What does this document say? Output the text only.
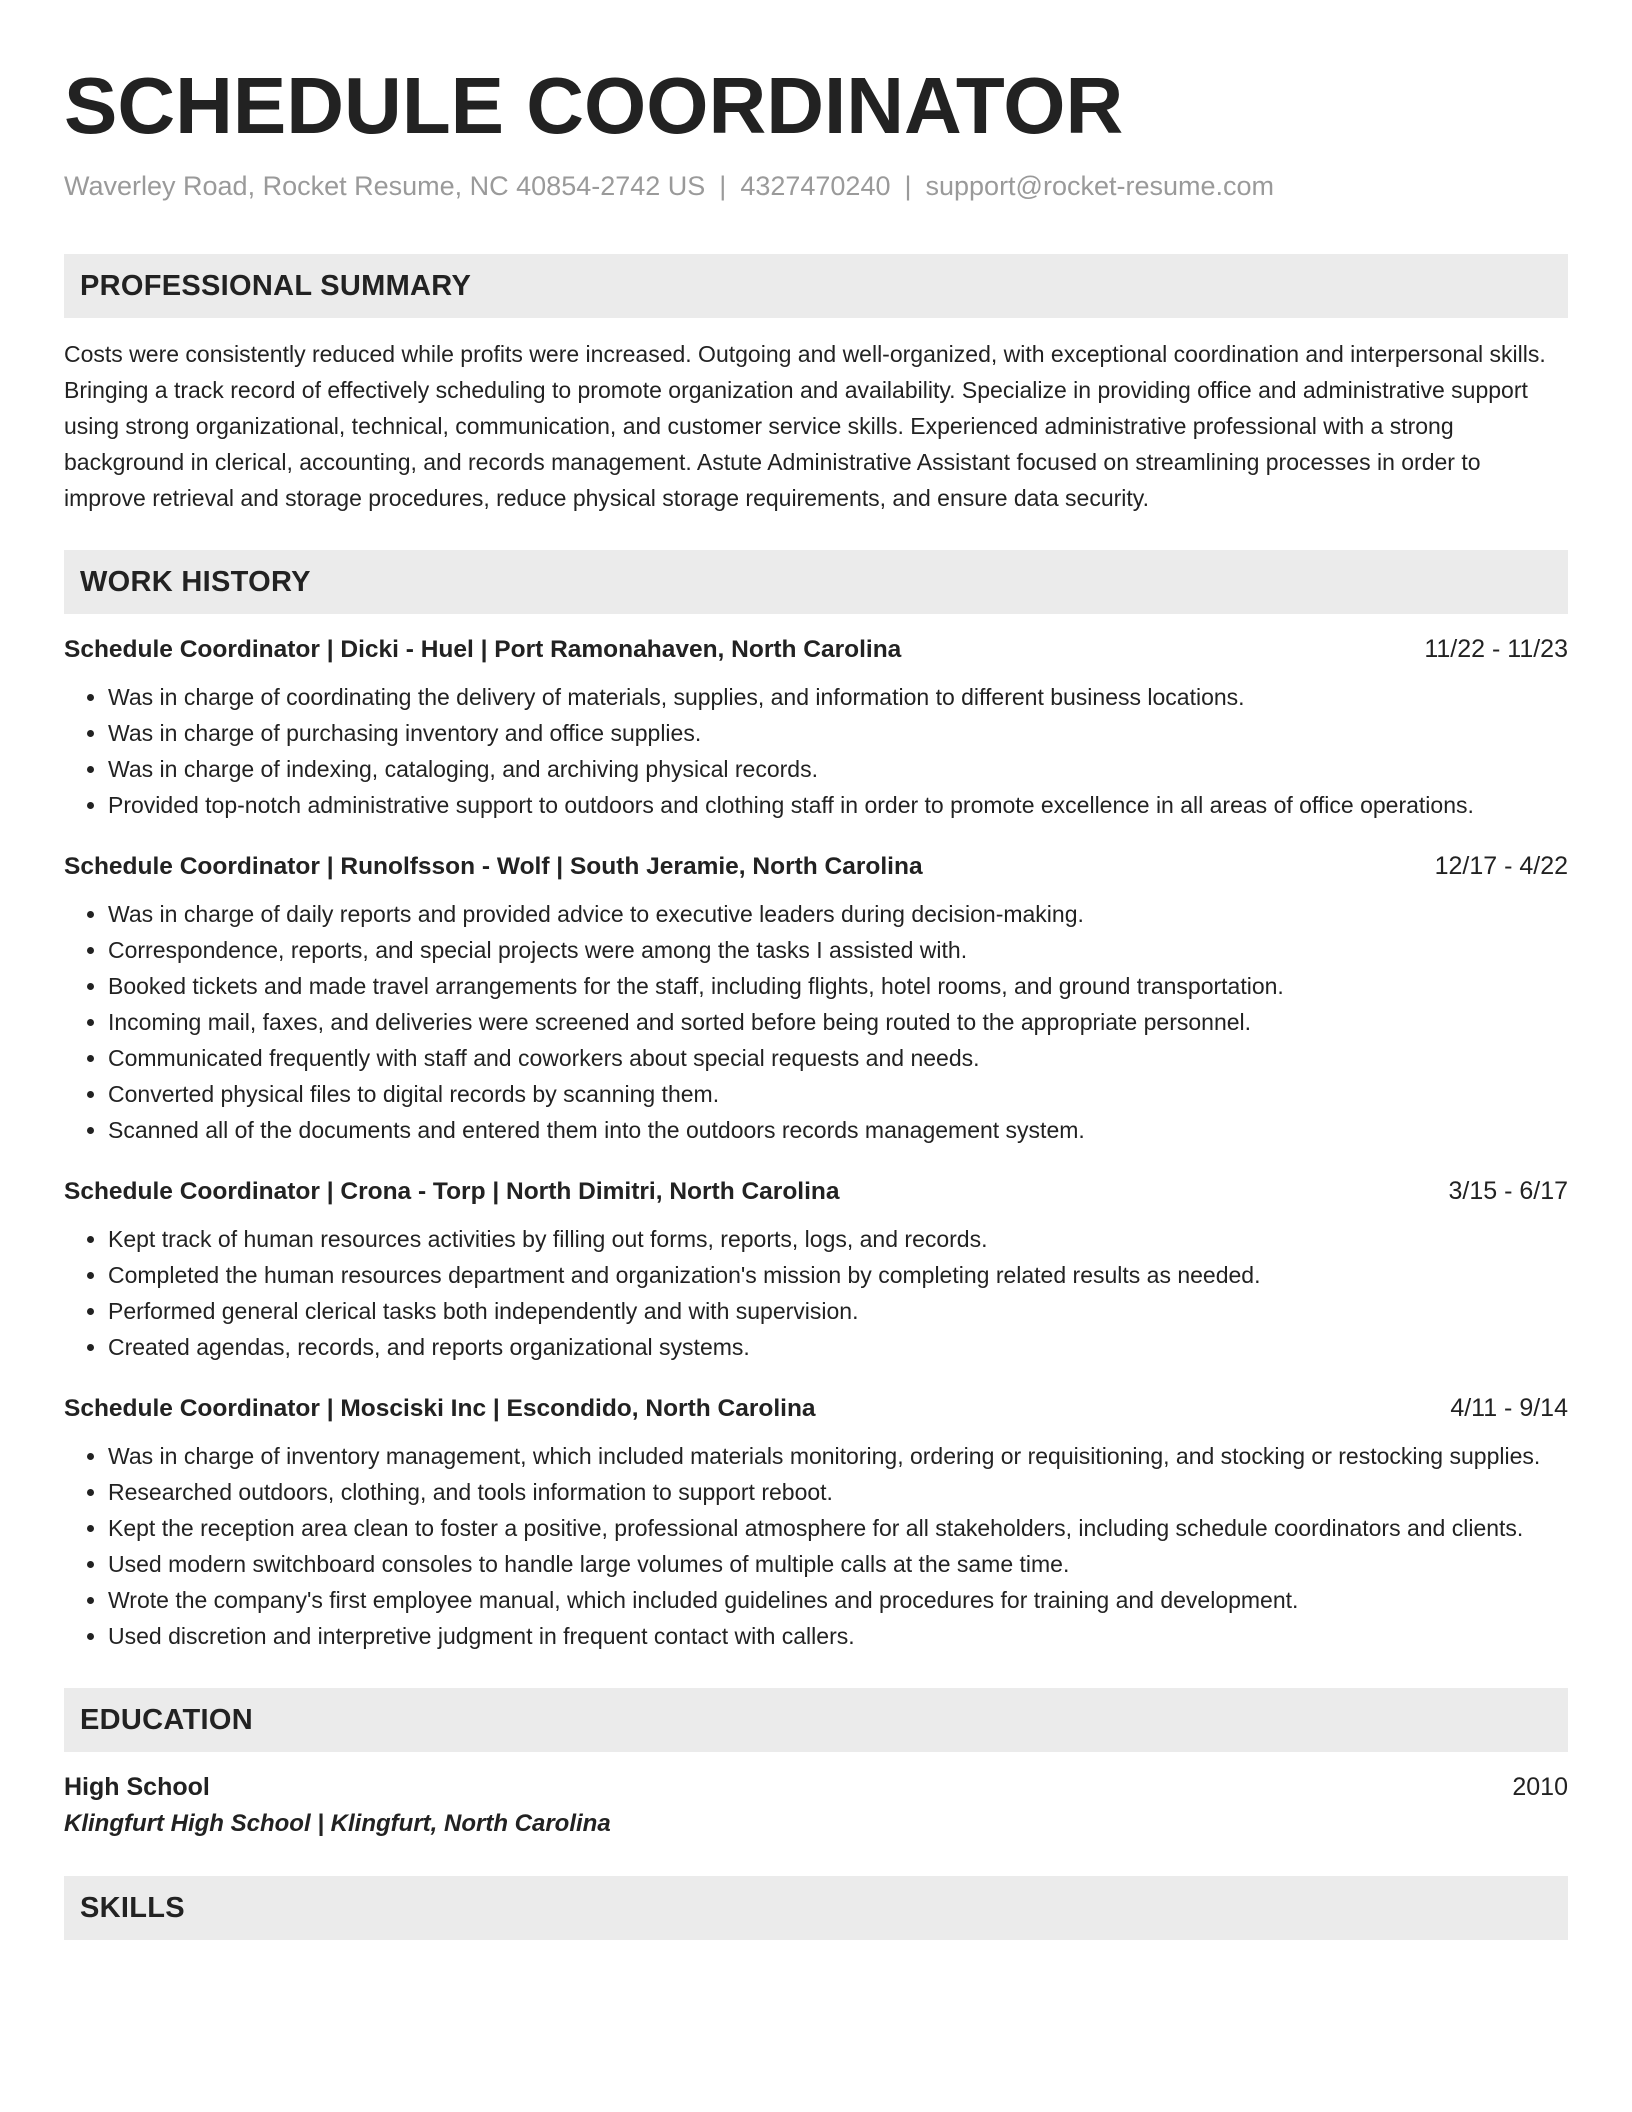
SCHEDULE COORDINATOR
Waverley Road, Rocket Resume, NC 40854-2742 US | 4327470240 | support@rocket-resume.com
PROFESSIONAL SUMMARY
Costs were consistently reduced while profits were increased. Outgoing and well-organized, with exceptional coordination and interpersonal skills. Bringing a track record of effectively scheduling to promote organization and availability. Specialize in providing office and administrative support using strong organizational, technical, communication, and customer service skills. Experienced administrative professional with a strong background in clerical, accounting, and records management. Astute Administrative Assistant focused on streamlining processes in order to improve retrieval and storage procedures, reduce physical storage requirements, and ensure data security.
WORK HISTORY
Schedule Coordinator | Dicki - Huel | Port Ramonahaven, North Carolina	11/22 - 11/23
• Was in charge of coordinating the delivery of materials, supplies, and information to different business locations.
• Was in charge of purchasing inventory and office supplies.
• Was in charge of indexing, cataloging, and archiving physical records.
• Provided top-notch administrative support to outdoors and clothing staff in order to promote excellence in all areas of office operations.
Schedule Coordinator | Runolfsson - Wolf | South Jeramie, North Carolina	12/17 - 4/22
• Was in charge of daily reports and provided advice to executive leaders during decision-making.
• Correspondence, reports, and special projects were among the tasks I assisted with.
• Booked tickets and made travel arrangements for the staff, including flights, hotel rooms, and ground transportation.
• Incoming mail, faxes, and deliveries were screened and sorted before being routed to the appropriate personnel.
• Communicated frequently with staff and coworkers about special requests and needs.
• Converted physical files to digital records by scanning them.
• Scanned all of the documents and entered them into the outdoors records management system.
Schedule Coordinator | Crona - Torp | North Dimitri, North Carolina	3/15 - 6/17
• Kept track of human resources activities by filling out forms, reports, logs, and records.
• Completed the human resources department and organization's mission by completing related results as needed.
• Performed general clerical tasks both independently and with supervision.
• Created agendas, records, and reports organizational systems.
Schedule Coordinator | Mosciski Inc | Escondido, North Carolina	4/11 - 9/14
• Was in charge of inventory management, which included materials monitoring, ordering or requisitioning, and stocking or restocking supplies.
• Researched outdoors, clothing, and tools information to support reboot.
• Kept the reception area clean to foster a positive, professional atmosphere for all stakeholders, including schedule coordinators and clients.
• Used modern switchboard consoles to handle large volumes of multiple calls at the same time.
• Wrote the company's first employee manual, which included guidelines and procedures for training and development.
• Used discretion and interpretive judgment in frequent contact with callers.
EDUCATION
High School	2010
Klingfurt High School | Klingfurt, North Carolina
SKILLS
